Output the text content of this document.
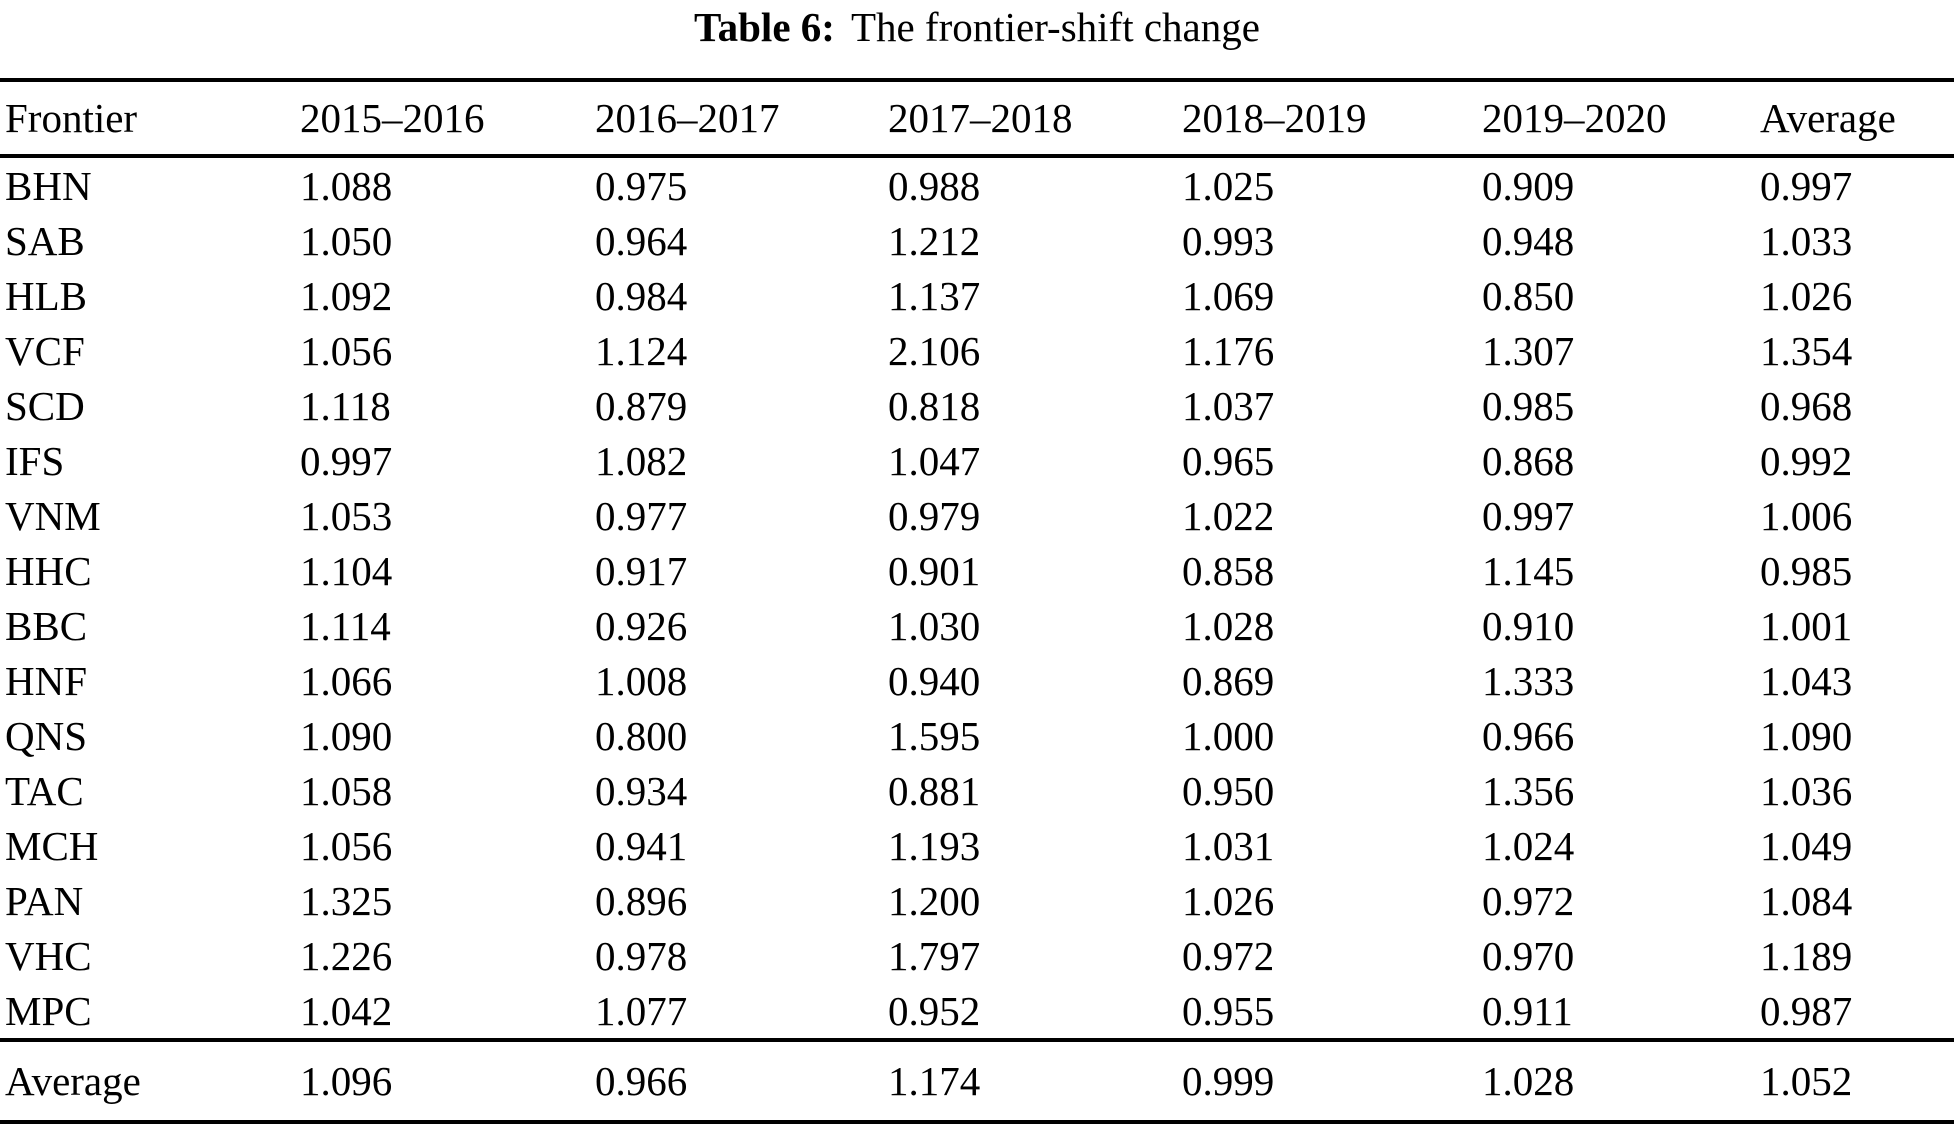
Table 6: The frontier-shift change
Frontier	2015–2016	2016–2017	2017–2018	2018–2019	2019–2020	Average
BHN	1.088	0.975	0.988	1.025	0.909	0.997
SAB	1.050	0.964	1.212	0.993	0.948	1.033
HLB	1.092	0.984	1.137	1.069	0.850	1.026
VCF	1.056	1.124	2.106	1.176	1.307	1.354
SCD	1.118	0.879	0.818	1.037	0.985	0.968
IFS	0.997	1.082	1.047	0.965	0.868	0.992
VNM	1.053	0.977	0.979	1.022	0.997	1.006
HHC	1.104	0.917	0.901	0.858	1.145	0.985
BBC	1.114	0.926	1.030	1.028	0.910	1.001
HNF	1.066	1.008	0.940	0.869	1.333	1.043
QNS	1.090	0.800	1.595	1.000	0.966	1.090
TAC	1.058	0.934	0.881	0.950	1.356	1.036
MCH	1.056	0.941	1.193	1.031	1.024	1.049
PAN	1.325	0.896	1.200	1.026	0.972	1.084
VHC	1.226	0.978	1.797	0.972	0.970	1.189
MPC	1.042	1.077	0.952	0.955	0.911	0.987
Average	1.096	0.966	1.174	0.999	1.028	1.052
